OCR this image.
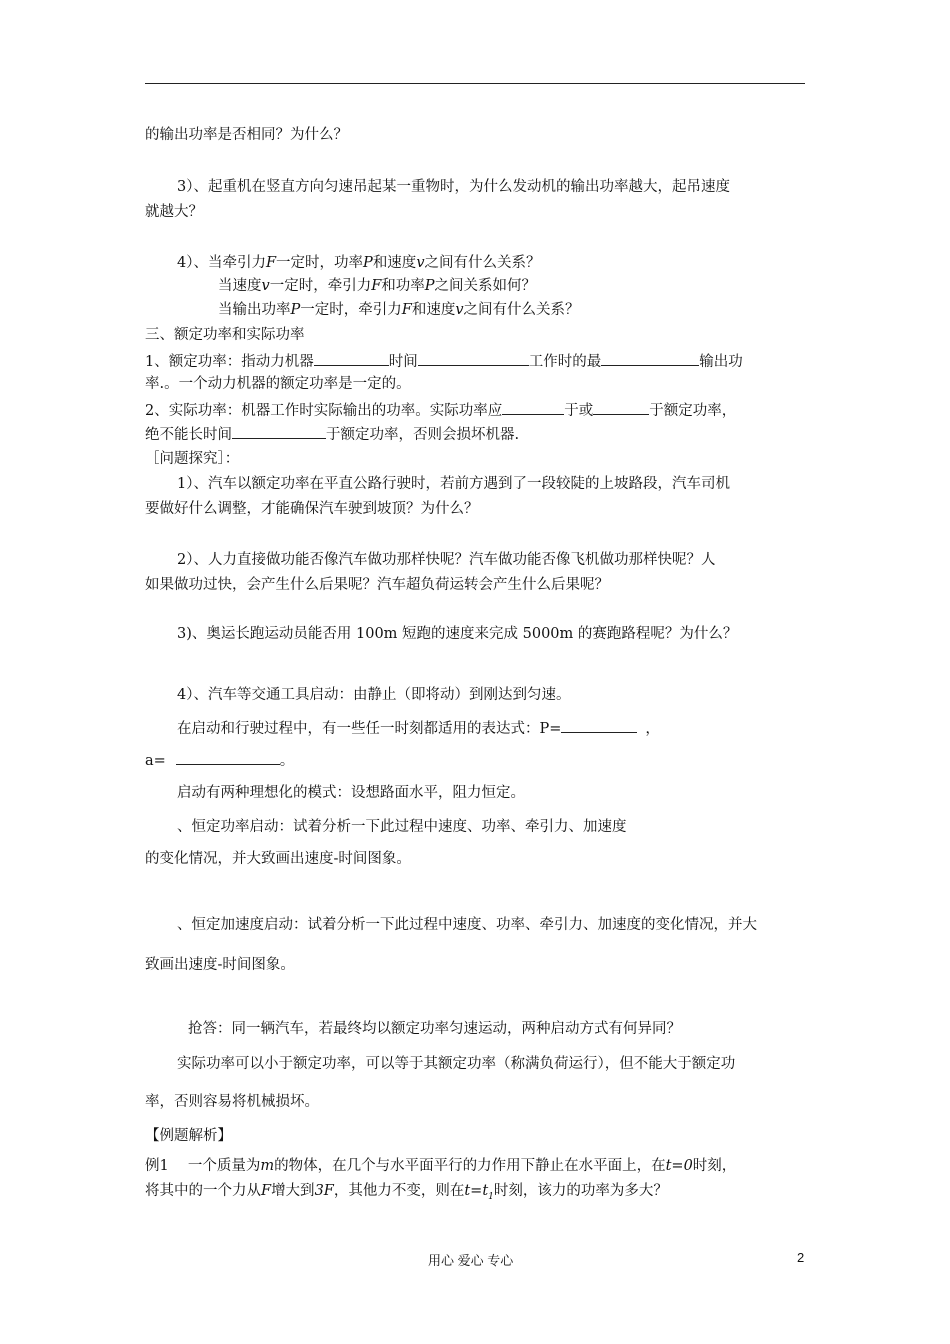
的输出功率是否相同？为什么？
3）、起重机在竖直方向匀速吊起某一重物时，为什么发动机的输出功率越大，起吊速度
就越大？
4）、当牵引力F一定时，功率P和速度v之间有什么关系？
当速度v一定时，牵引力F和功率P之间关系如何？
当输出功率P一定时，牵引力F和速度v之间有什么关系？
三、额定功率和实际功率
1、额定功率：指动力机器	时间	工作时的最	输出功
率.。一个动力机器的额定功率是一定的。
2、实际功率：机器工作时实际输出的功率。实际功率应	于或	于额定功率，
绝不能长时间	于额定功率，否则会损坏机器.
［问题探究］：
1）、汽车以额定功率在平直公路行驶时，若前方遇到了一段较陡的上坡路段，汽车司机
要做好什么调整，才能确保汽车驶到坡顶？为什么？
2）、人力直接做功能否像汽车做功那样快呢？汽车做功能否像飞机做功那样快呢？人
如果做功过快，会产生什么后果呢？汽车超负荷运转会产生什么后果呢？
3)、奥运长跑运动员能否用 100m 短跑的速度来完成 5000m 的赛跑路程呢？为什么？
4）、汽车等交通工具启动：由静止（即将动）到刚达到匀速。
在启动和行驶过程中，有一些任一时刻都适用的表达式：P=	，
a=	。
启动有两种理想化的模式：设想路面水平，阻力恒定。
、恒定功率启动：试着分析一下此过程中速度、功率、牵引力、加速度
的变化情况，并大致画出速度-时间图象。
、恒定加速度启动：试着分析一下此过程中速度、功率、牵引力、加速度的变化情况，并大
致画出速度-时间图象。
抢答：同一辆汽车，若最终均以额定功率匀速运动，两种启动方式有何异同？
实际功率可以小于额定功率，可以等于其额定功率（称满负荷运行），但不能大于额定功
率，否则容易将机械损坏。
【例题解析】
例1　 一个质量为m的物体，在几个与水平面平行的力作用下静止在水平面上，在t=0时刻，
将其中的一个力从F增大到3F，其他力不变，则在$t=t_1$时刻，该力的功率为多大？
用心 爱心 专心	2
